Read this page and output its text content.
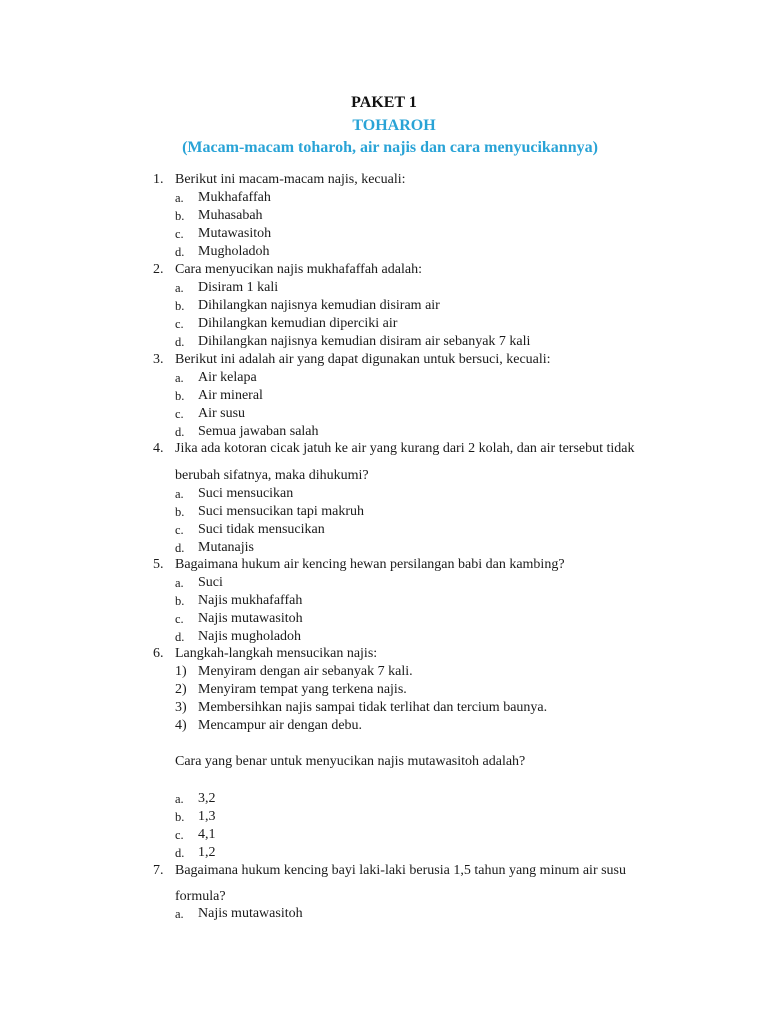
PAKET 1
TOHAROH
(Macam-macam toharoh, air najis dan cara menyucikannya)
1. Berikut ini macam-macam najis, kecuali:
a. Mukhafaffah
b. Muhasabah
c. Mutawasitoh
d. Mugholadoh
2. Cara menyucikan najis mukhafaffah adalah:
a. Disiram 1 kali
b. Dihilangkan najisnya kemudian disiram air
c. Dihilangkan kemudian diperciki air
d. Dihilangkan najisnya kemudian disiram air sebanyak 7 kali
3. Berikut ini adalah air yang dapat digunakan untuk bersuci, kecuali:
a. Air kelapa
b. Air mineral
c. Air susu
d. Semua jawaban salah
4. Jika ada kotoran cicak jatuh ke air yang kurang dari 2 kolah, dan air tersebut tidak
berubah sifatnya, maka dihukumi?
a. Suci mensucikan
b. Suci mensucikan tapi makruh
c. Suci tidak mensucikan
d. Mutanajis
5. Bagaimana hukum air kencing hewan persilangan babi dan kambing?
a. Suci
b. Najis mukhafaffah
c. Najis mutawasitoh
d. Najis mugholadoh
6. Langkah-langkah mensucikan najis:
1) Menyiram dengan air sebanyak 7 kali.
2) Menyiram tempat yang terkena najis.
3) Membersihkan najis sampai tidak terlihat dan tercium baunya.
4) Mencampur air dengan debu.
Cara yang benar untuk menyucikan najis mutawasitoh adalah?
a. 3,2
b. 1,3
c. 4,1
d. 1,2
7. Bagaimana hukum kencing bayi laki-laki berusia 1,5 tahun yang minum air susu
formula?
a. Najis mutawasitoh
